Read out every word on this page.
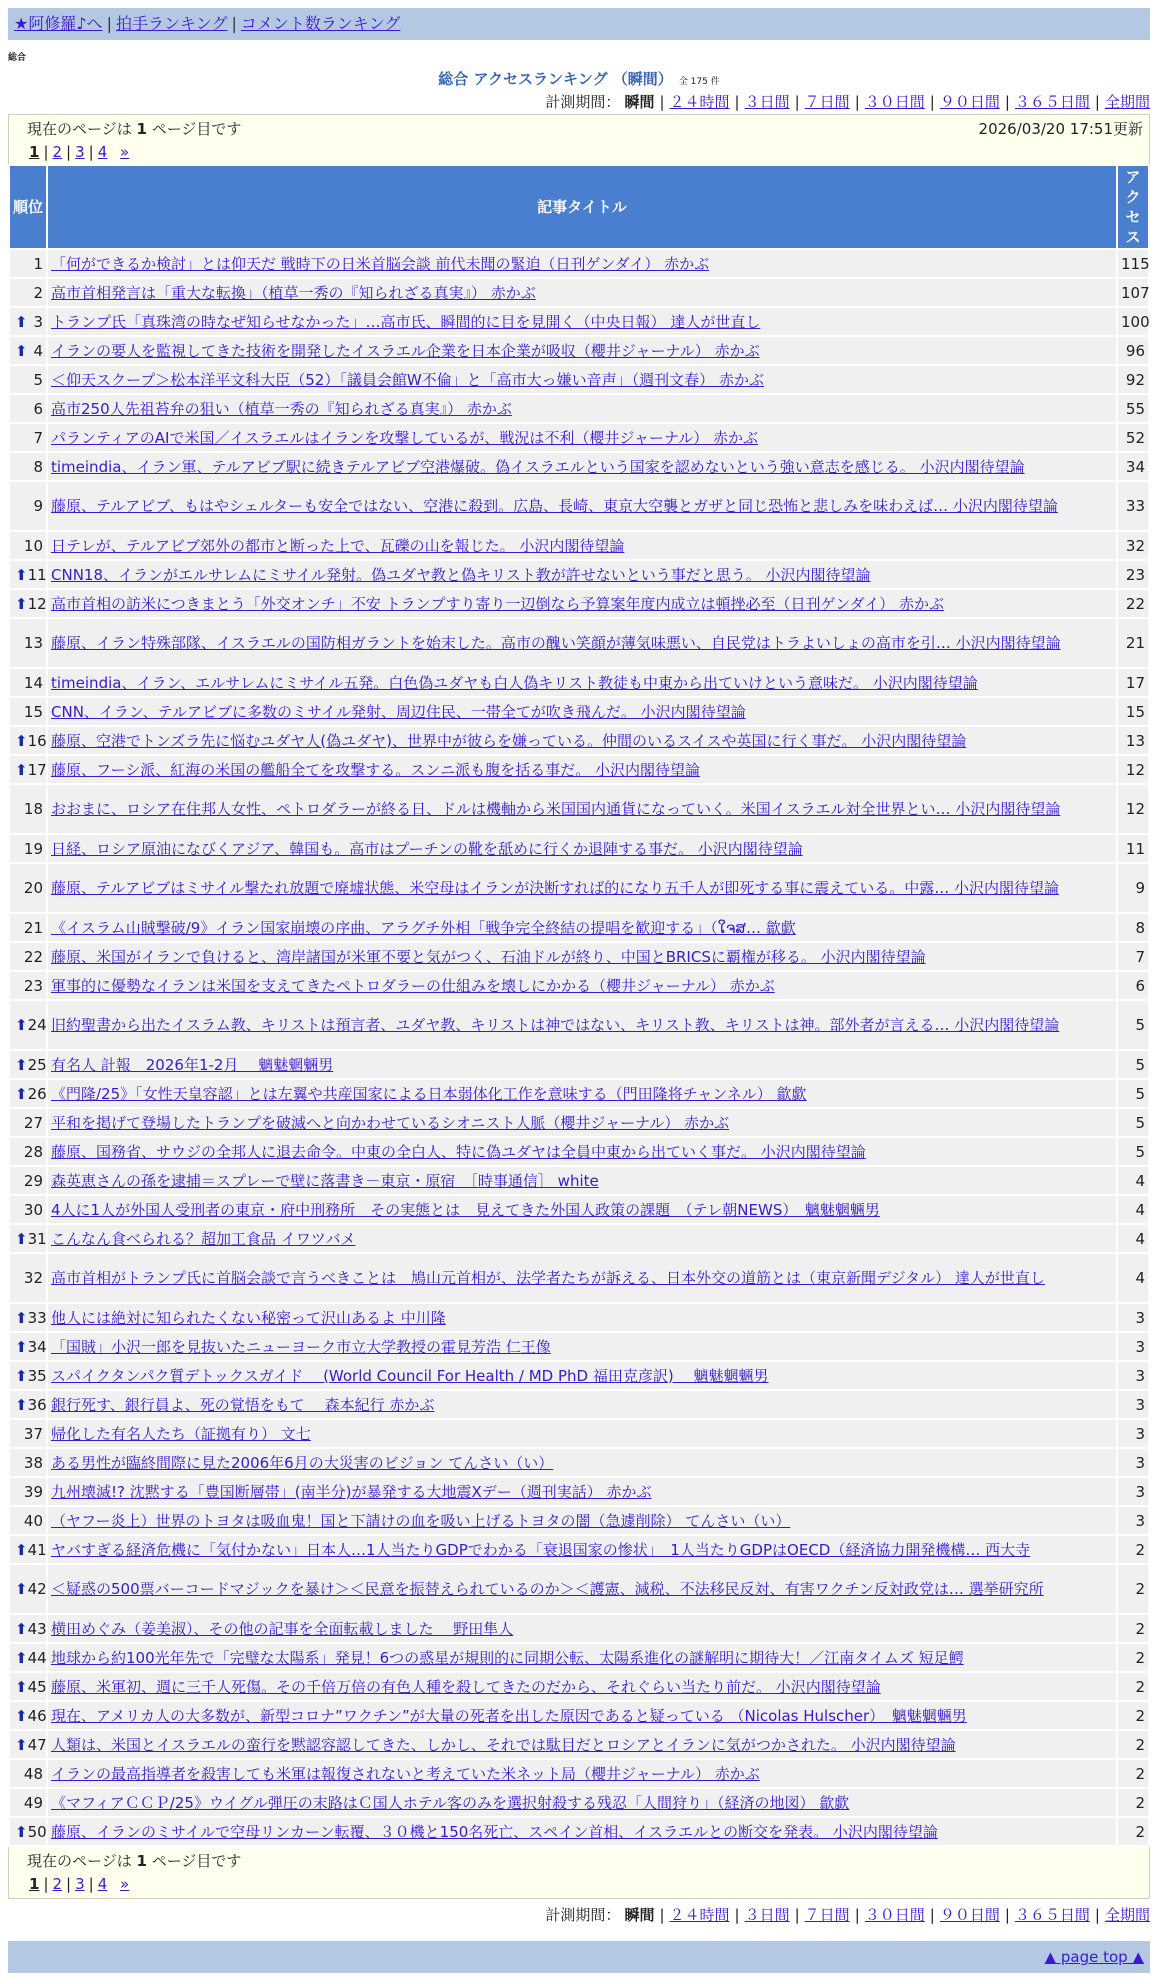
★阿修羅♪へ | 拍手ランキング | コメント数ランキング
総合
総合 アクセスランキング （瞬間） 全 175 件
計測期間： 瞬間 | ２４時間 | ３日間 | ７日間 | ３０日間 | ９０日間 | ３６５日間 | 全期間
現在のページは 1 ページ目です	2026/03/20 17:51更新
1 | 2 | 3 | 4 »
順位	記事タイトル	アクセス
1	「何ができるか検討」とは仰天だ 戦時下の日米首脳会談 前代未聞の緊迫（日刊ゲンダイ） 赤かぶ	115
2	高市首相発言は「重大な転換」（植草一秀の『知られざる真実』） 赤かぶ	107

⬆ 3	トランプ氏「真珠湾の時なぜ知らせなかった」…高市氏、瞬間的に目を見開く（中央日報） 達人が世直し	100

⬆ 4	イランの要人を監視してきた技術を開発したイスラエル企業を日本企業が吸収（櫻井ジャーナル） 赤かぶ	96
5	＜仰天スクープ＞松本洋平文科大臣（52）「議員会館W不倫」と「高市大っ嫌い音声」（週刊文春） 赤かぶ	92
6	高市250人先祖苔弁の狙い（植草一秀の『知られざる真実』） 赤かぶ	55
7	パランティアのAIで米国／イスラエルはイランを攻撃しているが、戦況は不利（櫻井ジャーナル） 赤かぶ	52
8	timeindia、イラン軍、テルアビブ駅に続きテルアビブ空港爆破。偽イスラエルという国家を認めないという強い意志を感じる。 小沢内閣待望論	34
9	藤原、テルアビブ、もはやシェルターも安全ではない、空港に殺到。広島、長崎、東京大空襲とガザと同じ恐怖と悲しみを味わえば… 小沢内閣待望論	33
10	日テレが、テルアビブ郊外の都市と断った上で、瓦礫の山を報じた。 小沢内閣待望論	32

⬆ 11	CNN18、イランがエルサレムにミサイル発射。偽ユダヤ教と偽キリスト教が許せないという事だと思う。 小沢内閣待望論	23

⬆ 12	高市首相の訪米につきまとう「外交オンチ」不安 トランプすり寄り一辺倒なら予算案年度内成立は頓挫必至（日刊ゲンダイ） 赤かぶ	22
13	藤原、イラン特殊部隊、イスラエルの国防相ガラントを始末した。高市の醜い笑顔が薄気味悪い、自民党はトラよいしょの高市を引… 小沢内閣待望論	21
14	timeindia、イラン、エルサレムにミサイル五発。白色偽ユダヤも白人偽キリスト教徒も中東から出ていけという意味だ。 小沢内閣待望論	17
15	CNN、イラン、テルアビブに多数のミサイル発射、周辺住民、一帯全てが吹き飛んだ。 小沢内閣待望論	15

⬆ 16	藤原、空港でトンズラ先に悩むユダヤ人(偽ユダヤ)、世界中が彼らを嫌っている。仲間のいるスイスや英国に行く事だ。 小沢内閣待望論	13

⬆ 17	藤原、フーシ派、紅海の米国の艦船全てを攻撃する。スンニ派も腹を括る事だ。 小沢内閣待望論	12
18	おおまに、ロシア在住邦人女性、ペトロダラーが終る日、ドルは機軸から米国国内通貨になっていく。米国イスラエル対全世界とい… 小沢内閣待望論	12
19	日経、ロシア原油になびくアジア、韓国も。高市はプーチンの靴を舐めに行くか退陣する事だ。 小沢内閣待望論	11
20	藤原、テルアビブはミサイル撃たれ放題で廃墟状態、米空母はイランが決断すれば的になり五千人が即死する事に震えている。中露… 小沢内閣待望論	9
21	《イスラム山賊撃破/9》イラン国家崩壊の序曲、アラグチ外相「戦争完全終結の提唱を歓迎する」（ໃຈສ… 歙歔	8
22	藤原、米国がイランで負けると、湾岸諸国が米軍不要と気がつく、石油ドルが終り、中国とBRICSに覇権が移る。 小沢内閣待望論	7
23	軍事的に優勢なイランは米国を支えてきたペトロダラーの仕組みを壊しにかかる（櫻井ジャーナル） 赤かぶ	6

⬆ 24	旧約聖書から出たイスラム教、キリストは預言者、ユダヤ教、キリストは神ではない、キリスト教、キリストは神。部外者が言える… 小沢内閣待望論	5

⬆ 25	有名人 計報　2026年1-2月　 魑魅魍魎男	5

⬆ 26	《門隆/25》「女性天皇容認」とは左翼や共産国家による日本弱体化工作を意味する（門田隆将チャンネル） 歙歔	5
27	平和を掲げて登場したトランプを破滅へと向かわせているシオニスト人脈（櫻井ジャーナル） 赤かぶ	5
28	藤原、国務省、サウジの全邦人に退去命令。中東の全白人、特に偽ユダヤは全員中東から出ていく事だ。 小沢内閣待望論	5
29	森英恵さんの孫を逮捕＝スプレーで壁に落書き－東京・原宿　［時事通信］ white	4
30	4人に1人が外国人受刑者の東京・府中刑務所　その実態とは　見えてきた外国人政策の課題　（テレ朝NEWS）　魑魅魍魎男	4

⬆ 31	こんなん食べられる？超加工食品 イワツバメ	4
32	高市首相がトランプ氏に首脳会談で言うべきことは　鳩山元首相が、法学者たちが訴える、日本外交の道筋とは（東京新聞デジタル） 達人が世直し	4

⬆ 33	他人には絶対に知られたくない秘密って沢山あるよ 中川隆	3

⬆ 34	「国賊」小沢一郎を見抜いたニューヨーク市立大学教授の霍見芳浩 仁王像	3

⬆ 35	スパイクタンパク質デトックスガイド　 (World Council For Health / MD PhD 福田克彦訳)　 魑魅魍魎男	3

⬆ 36	銀行死す、銀行員よ、死の覚悟をもて　 森本紀行 赤かぶ	3
37	帰化した有名人たち（証拠有り） 文七	3
38	ある男性が臨終間際に見た2006年6月の大災害のビジョン てんさい（い）	3
39	九州壊滅!? 沈黙する「豊国断層帯」(南半分)が暴発する大地震Xデー（週刊実話） 赤かぶ	3
40	（ヤフー炎上）世界のトヨタは吸血鬼！国と下請けの血を吸い上げるトヨタの闇（急遽削除） てんさい（い）	3

⬆ 41	ヤバすぎる経済危機に「気付かない」日本人…1人当たりGDPでわかる「衰退国家の惨状」　1人当たりGDPはOECD（経済協力開発機構… 西大寺	2

⬆ 42	＜疑惑の500票バーコードマジックを暴け＞＜民意を振替えられているのか＞＜護憲、減税、不法移民反対、有害ワクチン反対政党は… 選挙研究所	2

⬆ 43	横田めぐみ（姜美淑）、その他の記事を全面転載しました　 野田隼人	2

⬆ 44	地球から約100光年先で「完璧な太陽系」発見！6つの惑星が規則的に同期公転、太陽系進化の謎解明に期待大！／江南タイムズ 短足鰐	2

⬆ 45	藤原、米軍初、週に三千人死傷。その千倍万倍の有色人種を殺してきたのだから、それぐらい当たり前だ。 小沢内閣待望論	2

⬆ 46	現在、アメリカ人の大多数が、新型コロナ”ワクチン”が大量の死者を出した原因であると疑っている （Nicolas Hulscher）　魑魅魍魎男	2

⬆ 47	人類は、米国とイスラエルの蛮行を黙認容認してきた、しかし、それでは駄目だとロシアとイランに気がつかされた。 小沢内閣待望論	2
48	イランの最高指導者を殺害しても米軍は報復されないと考えていた米ネット局（櫻井ジャーナル） 赤かぶ	2
49	《マフィアＣＣＰ/25》ウイグル弾圧の末路はＣ国人ホテル客のみを選択射殺する残忍「人間狩り」（経済の地図） 歙歔	2

⬆ 50	藤原、イランのミサイルで空母リンカーン転覆、３０機と150名死亡、スペイン首相、イスラエルとの断交を発表。 小沢内閣待望論	2
現在のページは 1 ページ目です
1 | 2 | 3 | 4 »
計測期間： 瞬間 | ２４時間 | ３日間 | ７日間 | ３０日間 | ９０日間 | ３６５日間 | 全期間
▲ page top ▲
